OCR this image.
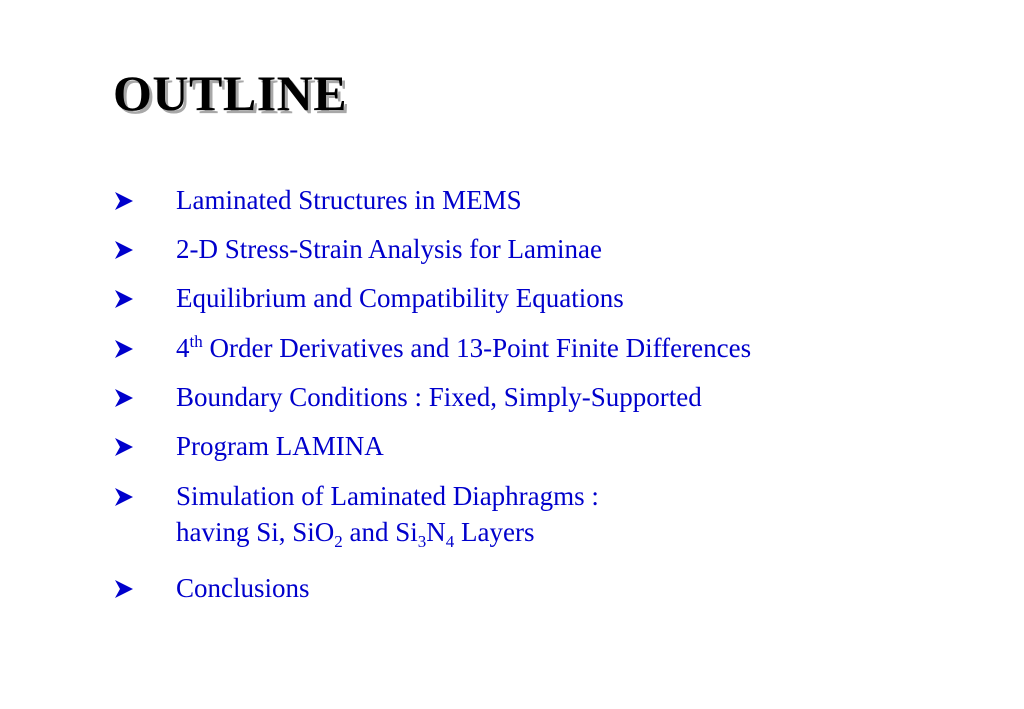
OUTLINE
Laminated Structures in MEMS
2-D Stress-Strain Analysis for Laminae
Equilibrium and Compatibility Equations
4th Order Derivatives and 13-Point Finite Differences
Boundary Conditions : Fixed, Simply-Supported
Program LAMINA
Simulation of Laminated Diaphragms :
having Si, SiO$_2$ and $Si_3N_4$ Layers
Conclusions
